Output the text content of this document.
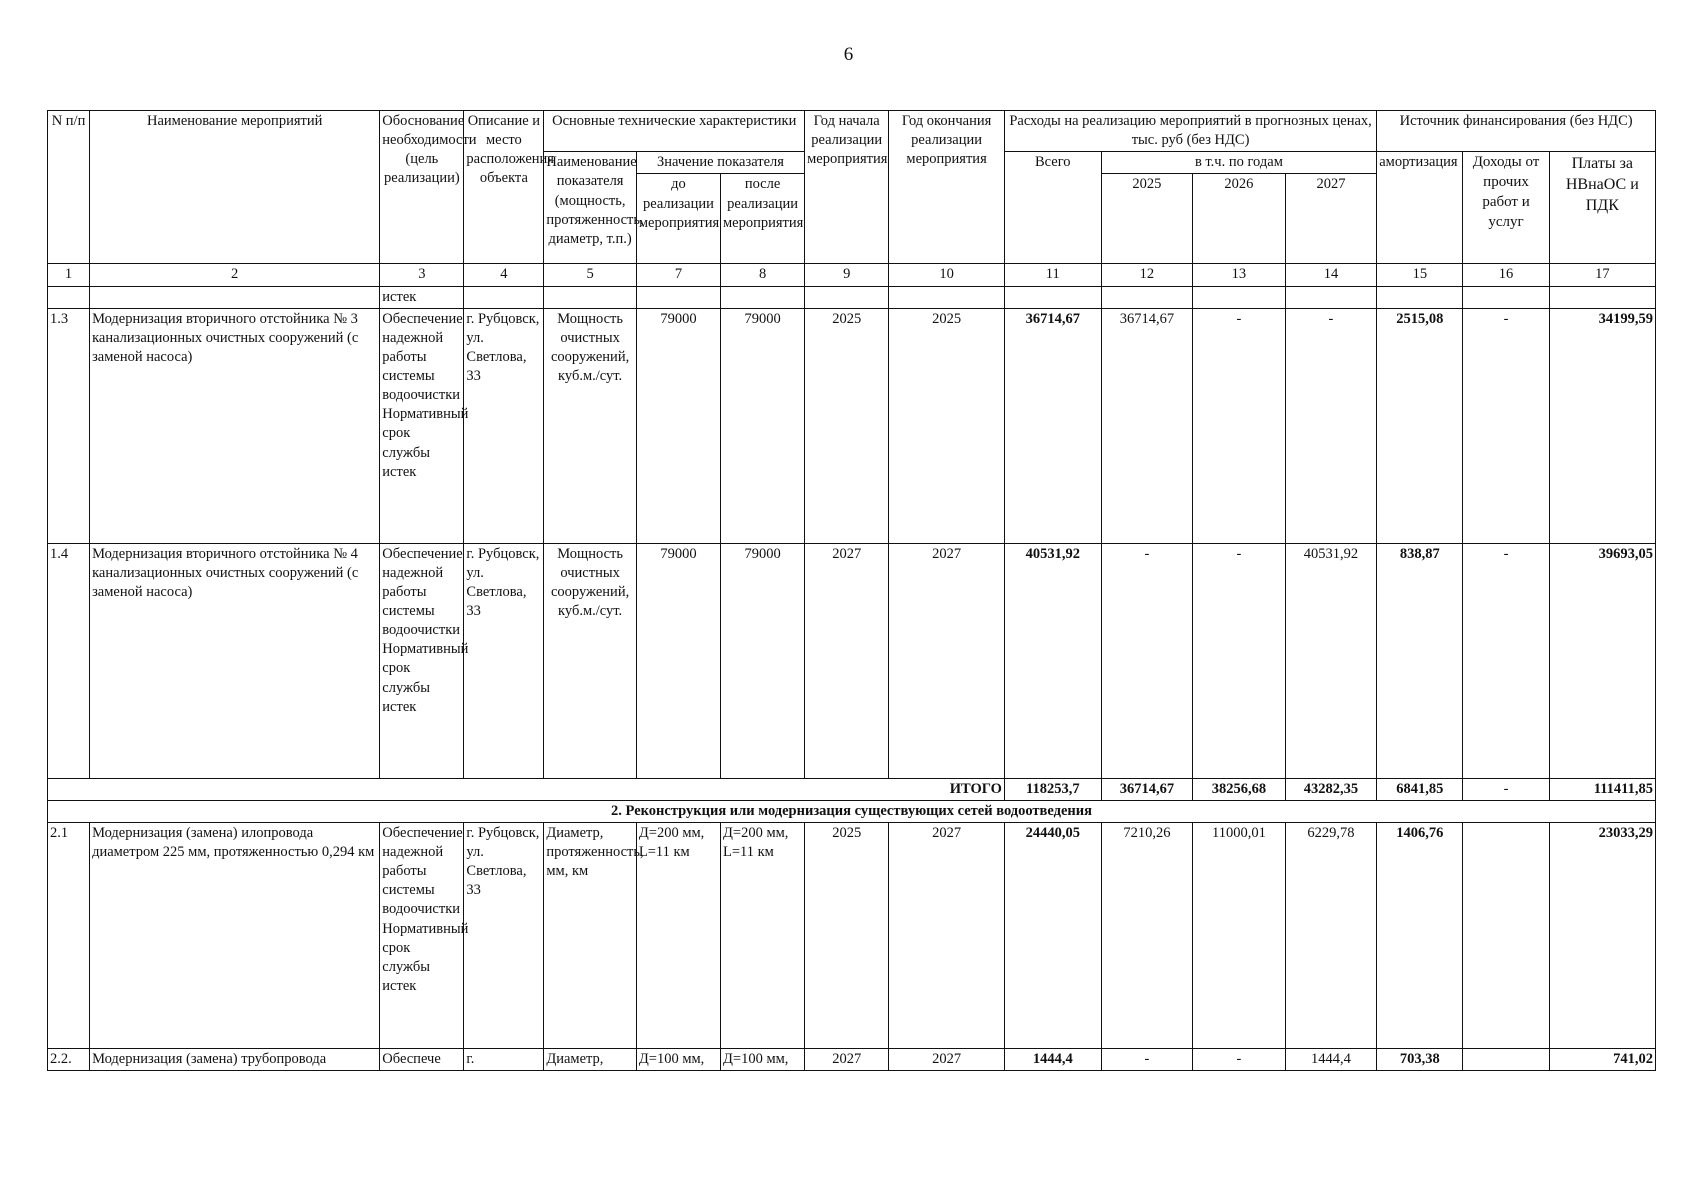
6
N п/п	Наименование мероприятий	Обоснование необходимости (цель реализации)	Описание и место расположения объекта	Основные технические характеристики			Год начала реализации мероприятия	Год окончания реализации мероприятия	Расходы на реализацию мероприятий в прогнозных ценах, тыс. руб (без НДС)				Источник финансирования (без НДС)		
				Наименование показателя (мощность, протяженность, диаметр, т.п.)	Значение показателя				Всего	в т.ч. по годам			амортизация	Доходы от прочих работ и услуг	Платы за НВнаОС и ПДК
					до реализации мероприятия	после реализации мероприятия				2025	2026	2027			
1	2	3	4	5	7	8	9	10	11	12	13	14	15	16	17
		истек													
1.3	Модернизация вторичного отстойника № 3 канализационных очистных сооружений (с заменой насоса)	Обеспечение надежной работы системы водоочистки Нормативный срок службы истек	г. Рубцовск, ул. Светлова, 33	Мощность очистных сооружений, куб.м./сут.	79000	79000	2025	2025	36714,67	36714,67	-	-	2515,08	-	34199,59
1.4	Модернизация вторичного отстойника № 4 канализационных очистных сооружений (с заменой насоса)	Обеспечение надежной работы системы водоочистки Нормативный срок службы истек	г. Рубцовск, ул. Светлова, 33	Мощность очистных сооружений, куб.м./сут.	79000	79000	2027	2027	40531,92	-	-	40531,92	838,87	-	39693,05
ИТОГО									118253,7	36714,67	38256,68	43282,35	6841,85	-	111411,85
2. Реконструкция или модернизация существующих сетей водоотведения															
2.1	Модернизация (замена) илопровода диаметром 225 мм, протяженностью 0,294 км	Обеспечение надежной работы системы водоочистки Нормативный срок службы истек	г. Рубцовск, ул. Светлова, 33	Диаметр, протяженность, мм, км	Д=200 мм, L=11 км	Д=200 мм, L=11 км	2025	2027	24440,05	7210,26	11000,01	6229,78	1406,76		23033,29
2.2.	Модернизация (замена) трубопровода	Обеспече	г.	Диаметр,	Д=100 мм,	Д=100 мм,	2027	2027	1444,4	-	-	1444,4	703,38		741,02
